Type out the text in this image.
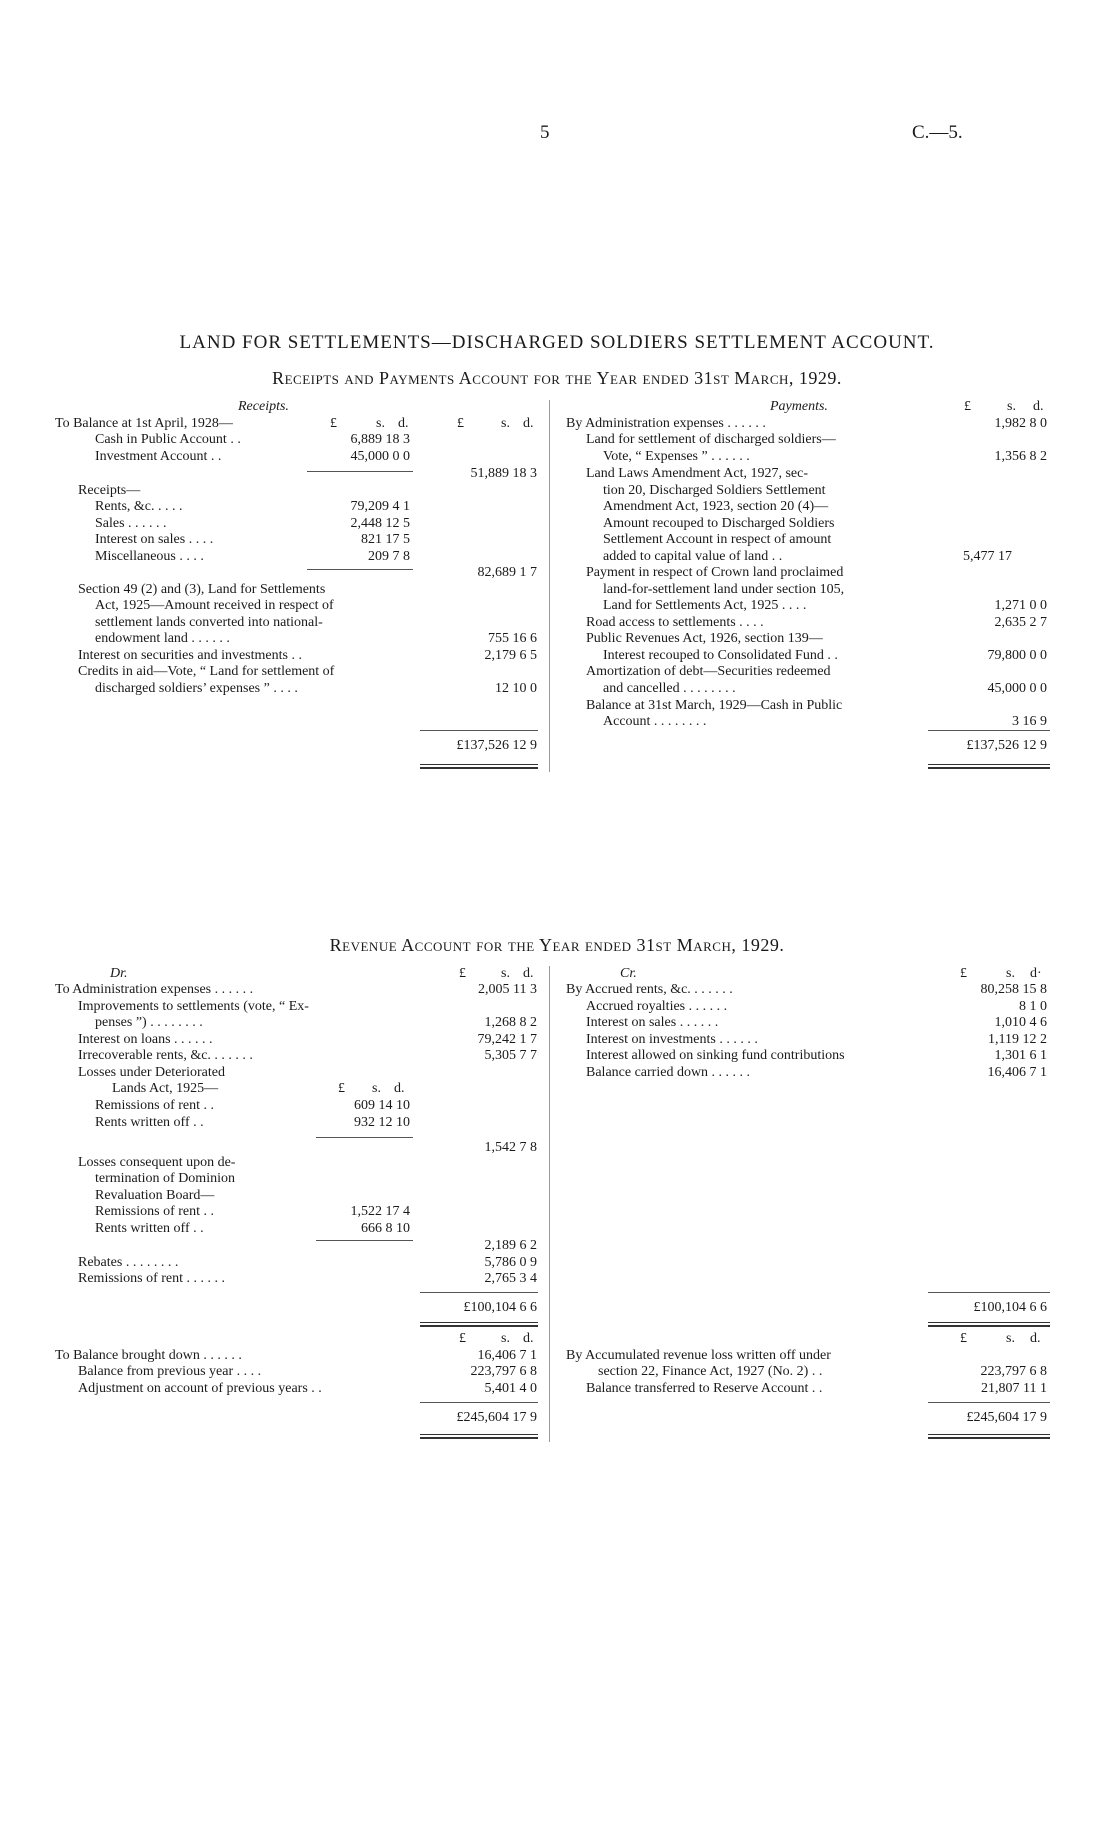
5	C.—5.
LAND FOR SETTLEMENTS—DISCHARGED SOLDIERS SETTLEMENT ACCOUNT.
Receipts and Payments Account for the Year ended 31st March, 1929.
Receipts.
£	s. d.	£	s. d.
To Balance at 1st April, 1928—
Cash in Public Account . .	6,889 18 3
Investment Account . .	45,000 0 0
51,889 18 3
Receipts—
Rents, &c. . . . .	79,209 4 1
Sales . . . . . .	2,448 12 5
Interest on sales . . . .	821 17 5
Miscellaneous . . . .	209 7 8
82,689 1 7
Section 49 (2) and (3), Land for Settlements
Act, 1925—Amount received in respect of
settlement lands converted into national-
endowment land . . . . . .	755 16 6
Interest on securities and investments . .	2,179 6 5
Credits in aid—Vote, “ Land for settlement of
discharged soldiers’ expenses ” . . . .	12 10 0
£137,526 12 9
Payments.	£	s. d.
By Administration expenses . . . . . .	1,982 8 0
Land for settlement of discharged soldiers—
Vote, “ Expenses ” . . . . . .	1,356 8 2
Land Laws Amendment Act, 1927, sec-
tion 20, Discharged Soldiers Settlement
Amendment Act, 1923, section 20 (4)—
Amount recouped to Discharged Soldiers
Settlement Account in respect of amount
added to capital value of land . .	5,477 17
Payment in respect of Crown land proclaimed
land-for-settlement land under section 105,
Land for Settlements Act, 1925 . . . .	1,271 0 0
Road access to settlements . . . .	2,635 2 7
Public Revenues Act, 1926, section 139—
Interest recouped to Consolidated Fund . .	79,800 0 0
Amortization of debt—Securities redeemed
and cancelled . . . . . . . .	45,000 0 0
Balance at 31st March, 1929—Cash in Public
Account . . . . . . . .	3 16 9
£137,526 12 9
Revenue Account for the Year ended 31st March, 1929.
Dr.	£	s. d.
To Administration expenses . . . . . .	2,005 11 3
Improvements to settlements (vote, “ Ex-
penses ”) . . . . . . . .	1,268 8 2
Interest on loans . . . . . .	79,242 1 7
Irrecoverable rents, &c. . . . . . .	5,305 7 7
Losses under Deteriorated
Lands Act, 1925—	£ s. d.
Remissions of rent . .	609 14 10
Rents written off . .	932 12 10
1,542 7 8
Losses consequent upon de-
termination of Dominion
Revaluation Board—
Remissions of rent . .	1,522 17 4
Rents written off . .	666 8 10
2,189 6 2
Rebates . . . . . . . .	5,786 0 9
Remissions of rent . . . . . .	2,765 3 4
£100,104 6 6
£	s. d.
To Balance brought down . . . . . .	16,406 7 1
Balance from previous year . . . .	223,797 6 8
Adjustment on account of previous years . .	5,401 4 0
£245,604 17 9
Cr.	£	s. d·
By Accrued rents, &c. . . . . . .	80,258 15 8
Accrued royalties . . . . . .	8 1 0
Interest on sales . . . . . .	1,010 4 6
Interest on investments . . . . . .	1,119 12 2
Interest allowed on sinking fund contributions	1,301 6 1
Balance carried down . . . . . .	16,406 7 1
£100,104 6 6
£	s. d.
By Accumulated revenue loss written off under
section 22, Finance Act, 1927 (No. 2) . .	223,797 6 8
Balance transferred to Reserve Account . .	21,807 11 1
£245,604 17 9
